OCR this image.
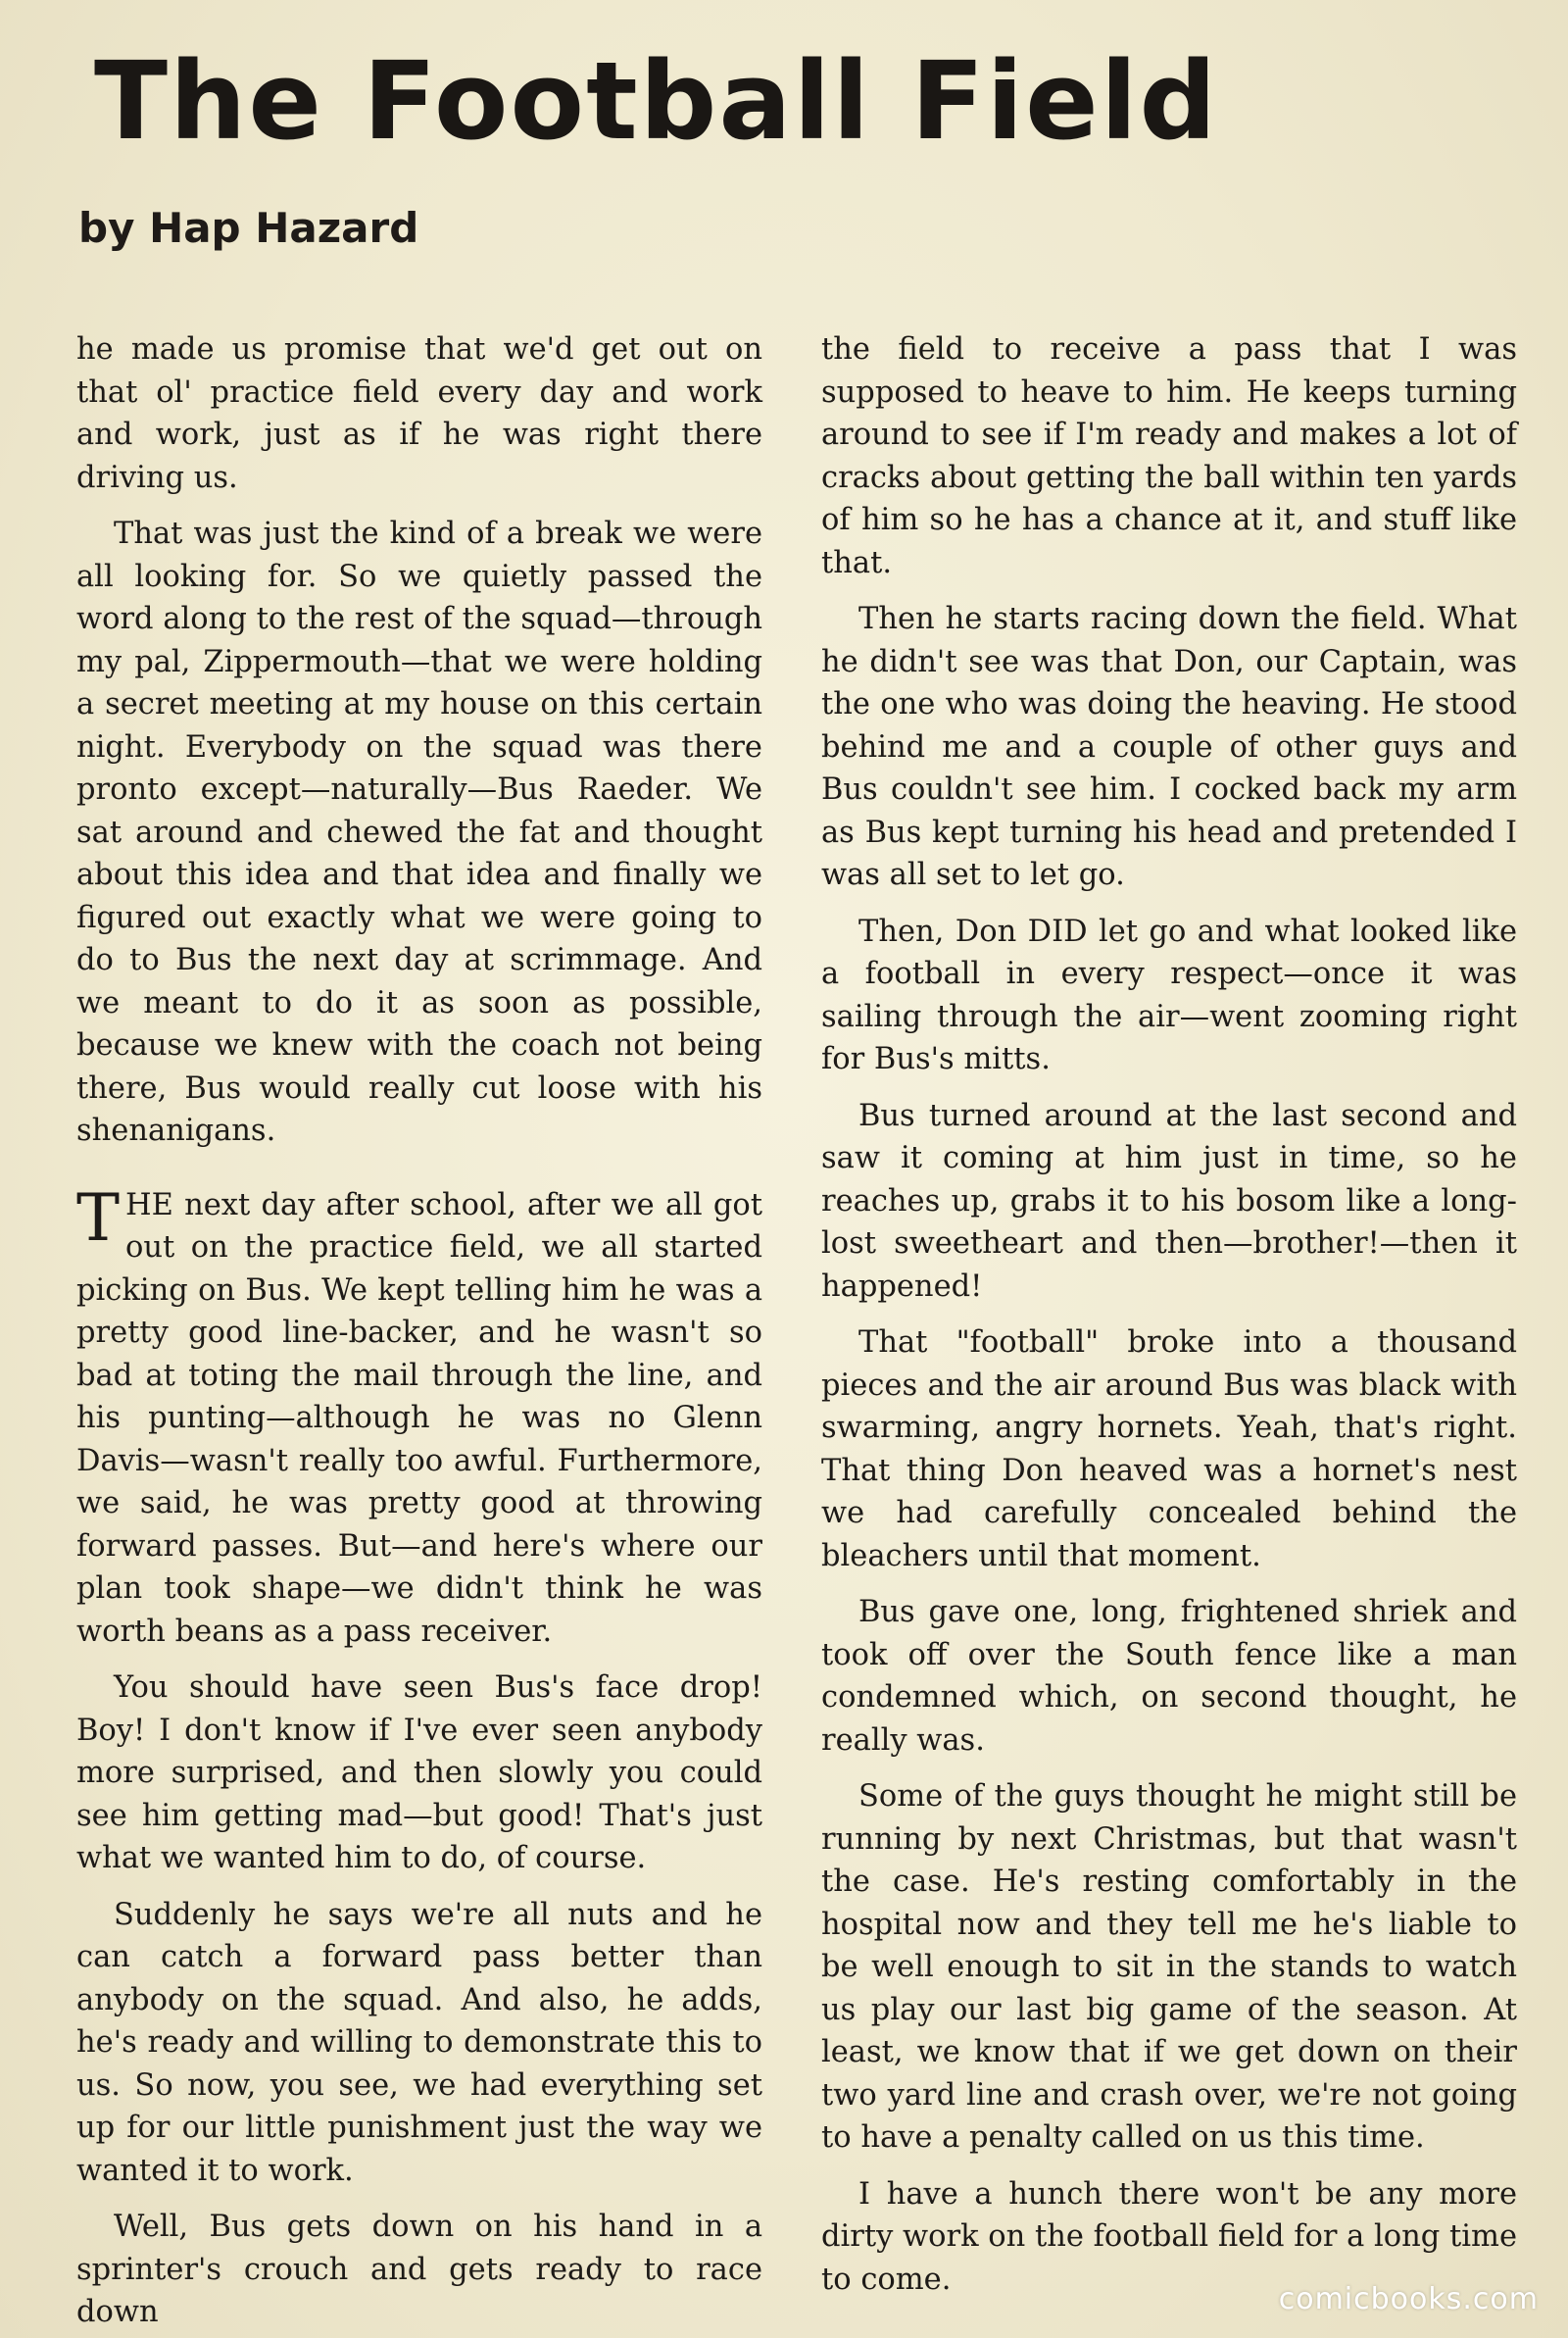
The Football Field
by Hap Hazard

he made us promise that we'd get out on that ol' practice field every day and work and work, just as if he was right there driving us.

That was just the kind of a break we were all looking for. So we quietly passed the word along to the rest of the squad—through my pal, Zippermouth—that we were holding a secret meeting at my house on this certain night. Everybody on the squad was there pronto except—naturally—Bus Raeder. We sat around and chewed the fat and thought about this idea and that idea and finally we figured out exactly what we were going to do to Bus the next day at scrimmage. And we meant to do it as soon as possible, because we knew with the coach not being there, Bus would really cut loose with his shenanigans.

THE next day after school, after we all got out on the practice field, we all started picking on Bus. We kept telling him he was a pretty good line-backer, and he wasn't so bad at toting the mail through the line, and his punting—although he was no Glenn Davis—wasn't really too awful. Furthermore, we said, he was pretty good at throwing forward passes. But—and here's where our plan took shape—we didn't think he was worth beans as a pass receiver.

You should have seen Bus's face drop! Boy! I don't know if I've ever seen anybody more surprised, and then slowly you could see him getting mad—but good! That's just what we wanted him to do, of course.

Suddenly he says we're all nuts and he can catch a forward pass better than anybody on the squad. And also, he adds, he's ready and willing to demonstrate this to us. So now, you see, we had everything set up for our little punishment just the way we wanted it to work.

Well, Bus gets down on his hand in a sprinter's crouch and gets ready to race down

the field to receive a pass that I was supposed to heave to him. He keeps turning around to see if I'm ready and makes a lot of cracks about getting the ball within ten yards of him so he has a chance at it, and stuff like that.

Then he starts racing down the field. What he didn't see was that Don, our Captain, was the one who was doing the heaving. He stood behind me and a couple of other guys and Bus couldn't see him. I cocked back my arm as Bus kept turning his head and pretended I was all set to let go.

Then, Don DID let go and what looked like a football in every respect—once it was sailing through the air—went zooming right for Bus's mitts.

Bus turned around at the last second and saw it coming at him just in time, so he reaches up, grabs it to his bosom like a long-lost sweetheart and then—brother!—then it happened!

That "football" broke into a thousand pieces and the air around Bus was black with swarming, angry hornets. Yeah, that's right. That thing Don heaved was a hornet's nest we had carefully concealed behind the bleachers until that moment.

Bus gave one, long, frightened shriek and took off over the South fence like a man condemned which, on second thought, he really was.

Some of the guys thought he might still be running by next Christmas, but that wasn't the case. He's resting comfortably in the hospital now and they tell me he's liable to be well enough to sit in the stands to watch us play our last big game of the season. At least, we know that if we get down on their two yard line and crash over, we're not going to have a penalty called on us this time.

I have a hunch there won't be any more dirty work on the football field for a long time to come.

comicbooks.com
